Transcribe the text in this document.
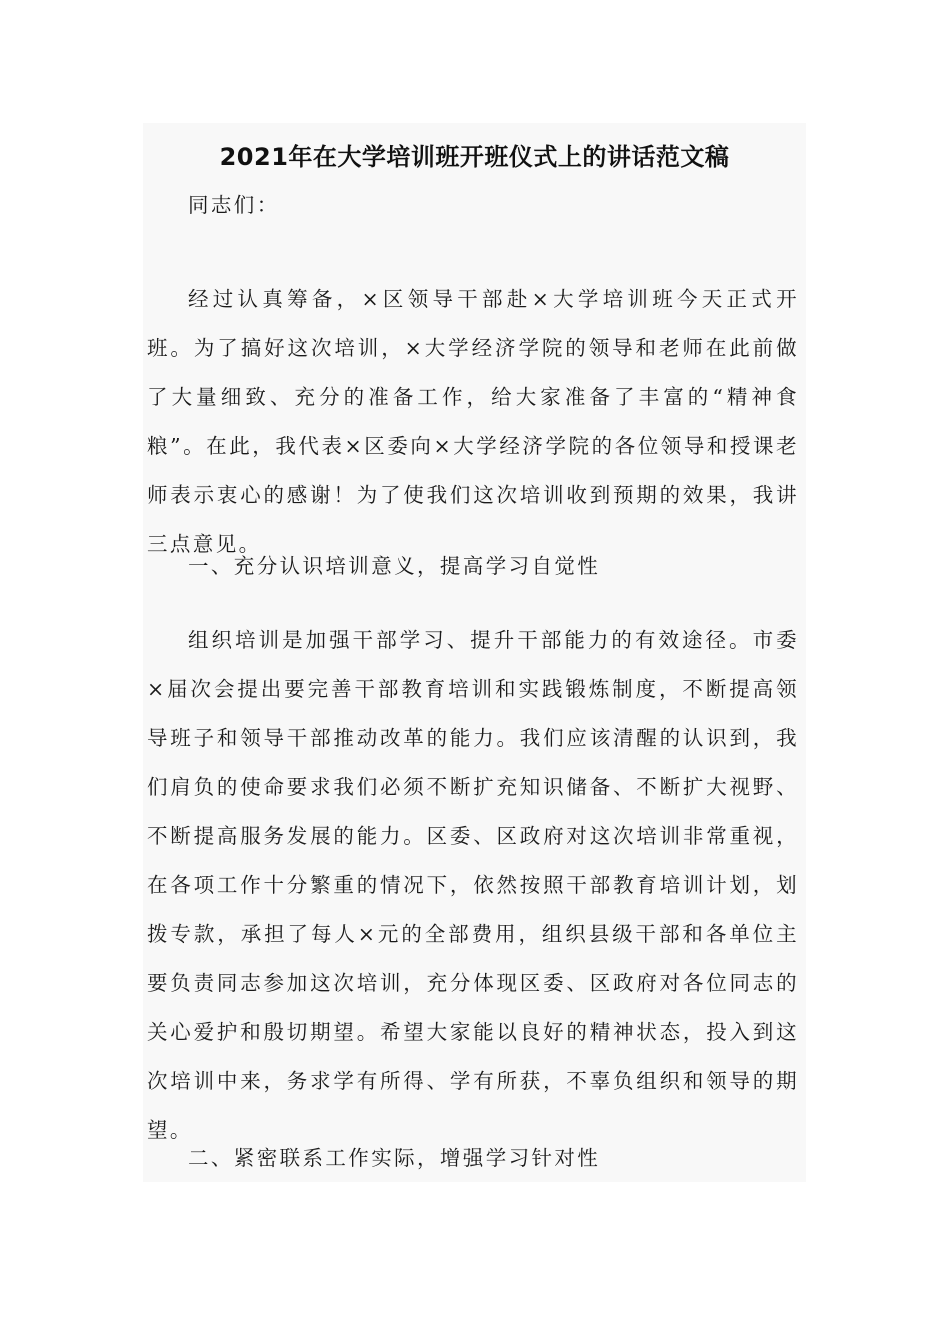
2021年在大学培训班开班仪式上的讲话范文稿
同志们：

经过认真筹备，×区领导干部赴×大学培训班今天正式开班。为了搞好这次培训，×大学经济学院的领导和老师在此前做了大量细致、充分的准备工作，给大家准备了丰富的“精神食粮”。在此，我代表×区委向×大学经济学院的各位领导和授课老师表示衷心的感谢！为了使我们这次培训收到预期的效果，我讲三点意见。

一、充分认识培训意义，提高学习自觉性

组织培训是加强干部学习、提升干部能力的有效途径。市委×届次会提出要完善干部教育培训和实践锻炼制度，不断提高领导班子和领导干部推动改革的能力。我们应该清醒的认识到，我们肩负的使命要求我们必须不断扩充知识储备、不断扩大视野、不断提高服务发展的能力。区委、区政府对这次培训非常重视，在各项工作十分繁重的情况下，依然按照干部教育培训计划，划拨专款，承担了每人×元的全部费用，组织县级干部和各单位主要负责同志参加这次培训，充分体现区委、区政府对各位同志的关心爱护和殷切期望。希望大家能以良好的精神状态，投入到这次培训中来，务求学有所得、学有所获，不辜负组织和领导的期望。

二、紧密联系工作实际，增强学习针对性
